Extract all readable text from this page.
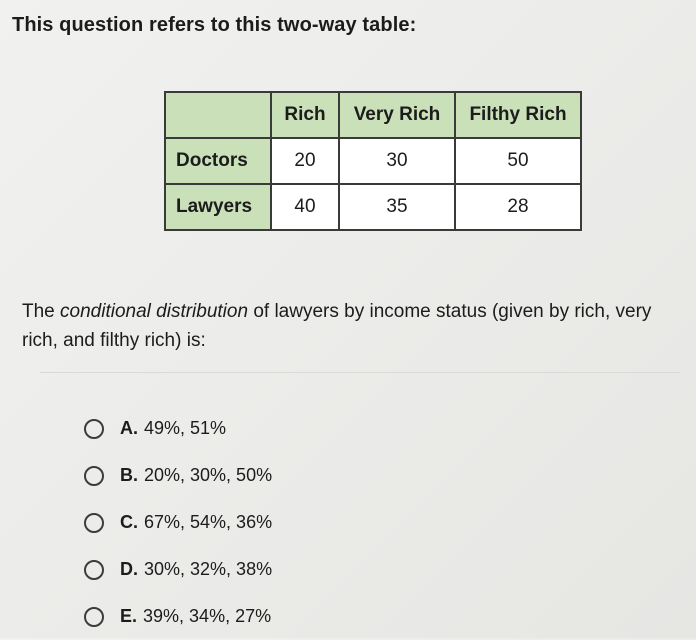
This question refers to this two-way table:
	Rich	Very Rich	Filthy Rich
Doctors	20	30	50
Lawyers	40	35	28
The conditional distribution of lawyers by income status (given by rich, very rich, and filthy rich) is:
A. 49%, 51%
B. 20%, 30%, 50%
C. 67%, 54%, 36%
D. 30%, 32%, 38%
E. 39%, 34%, 27%
